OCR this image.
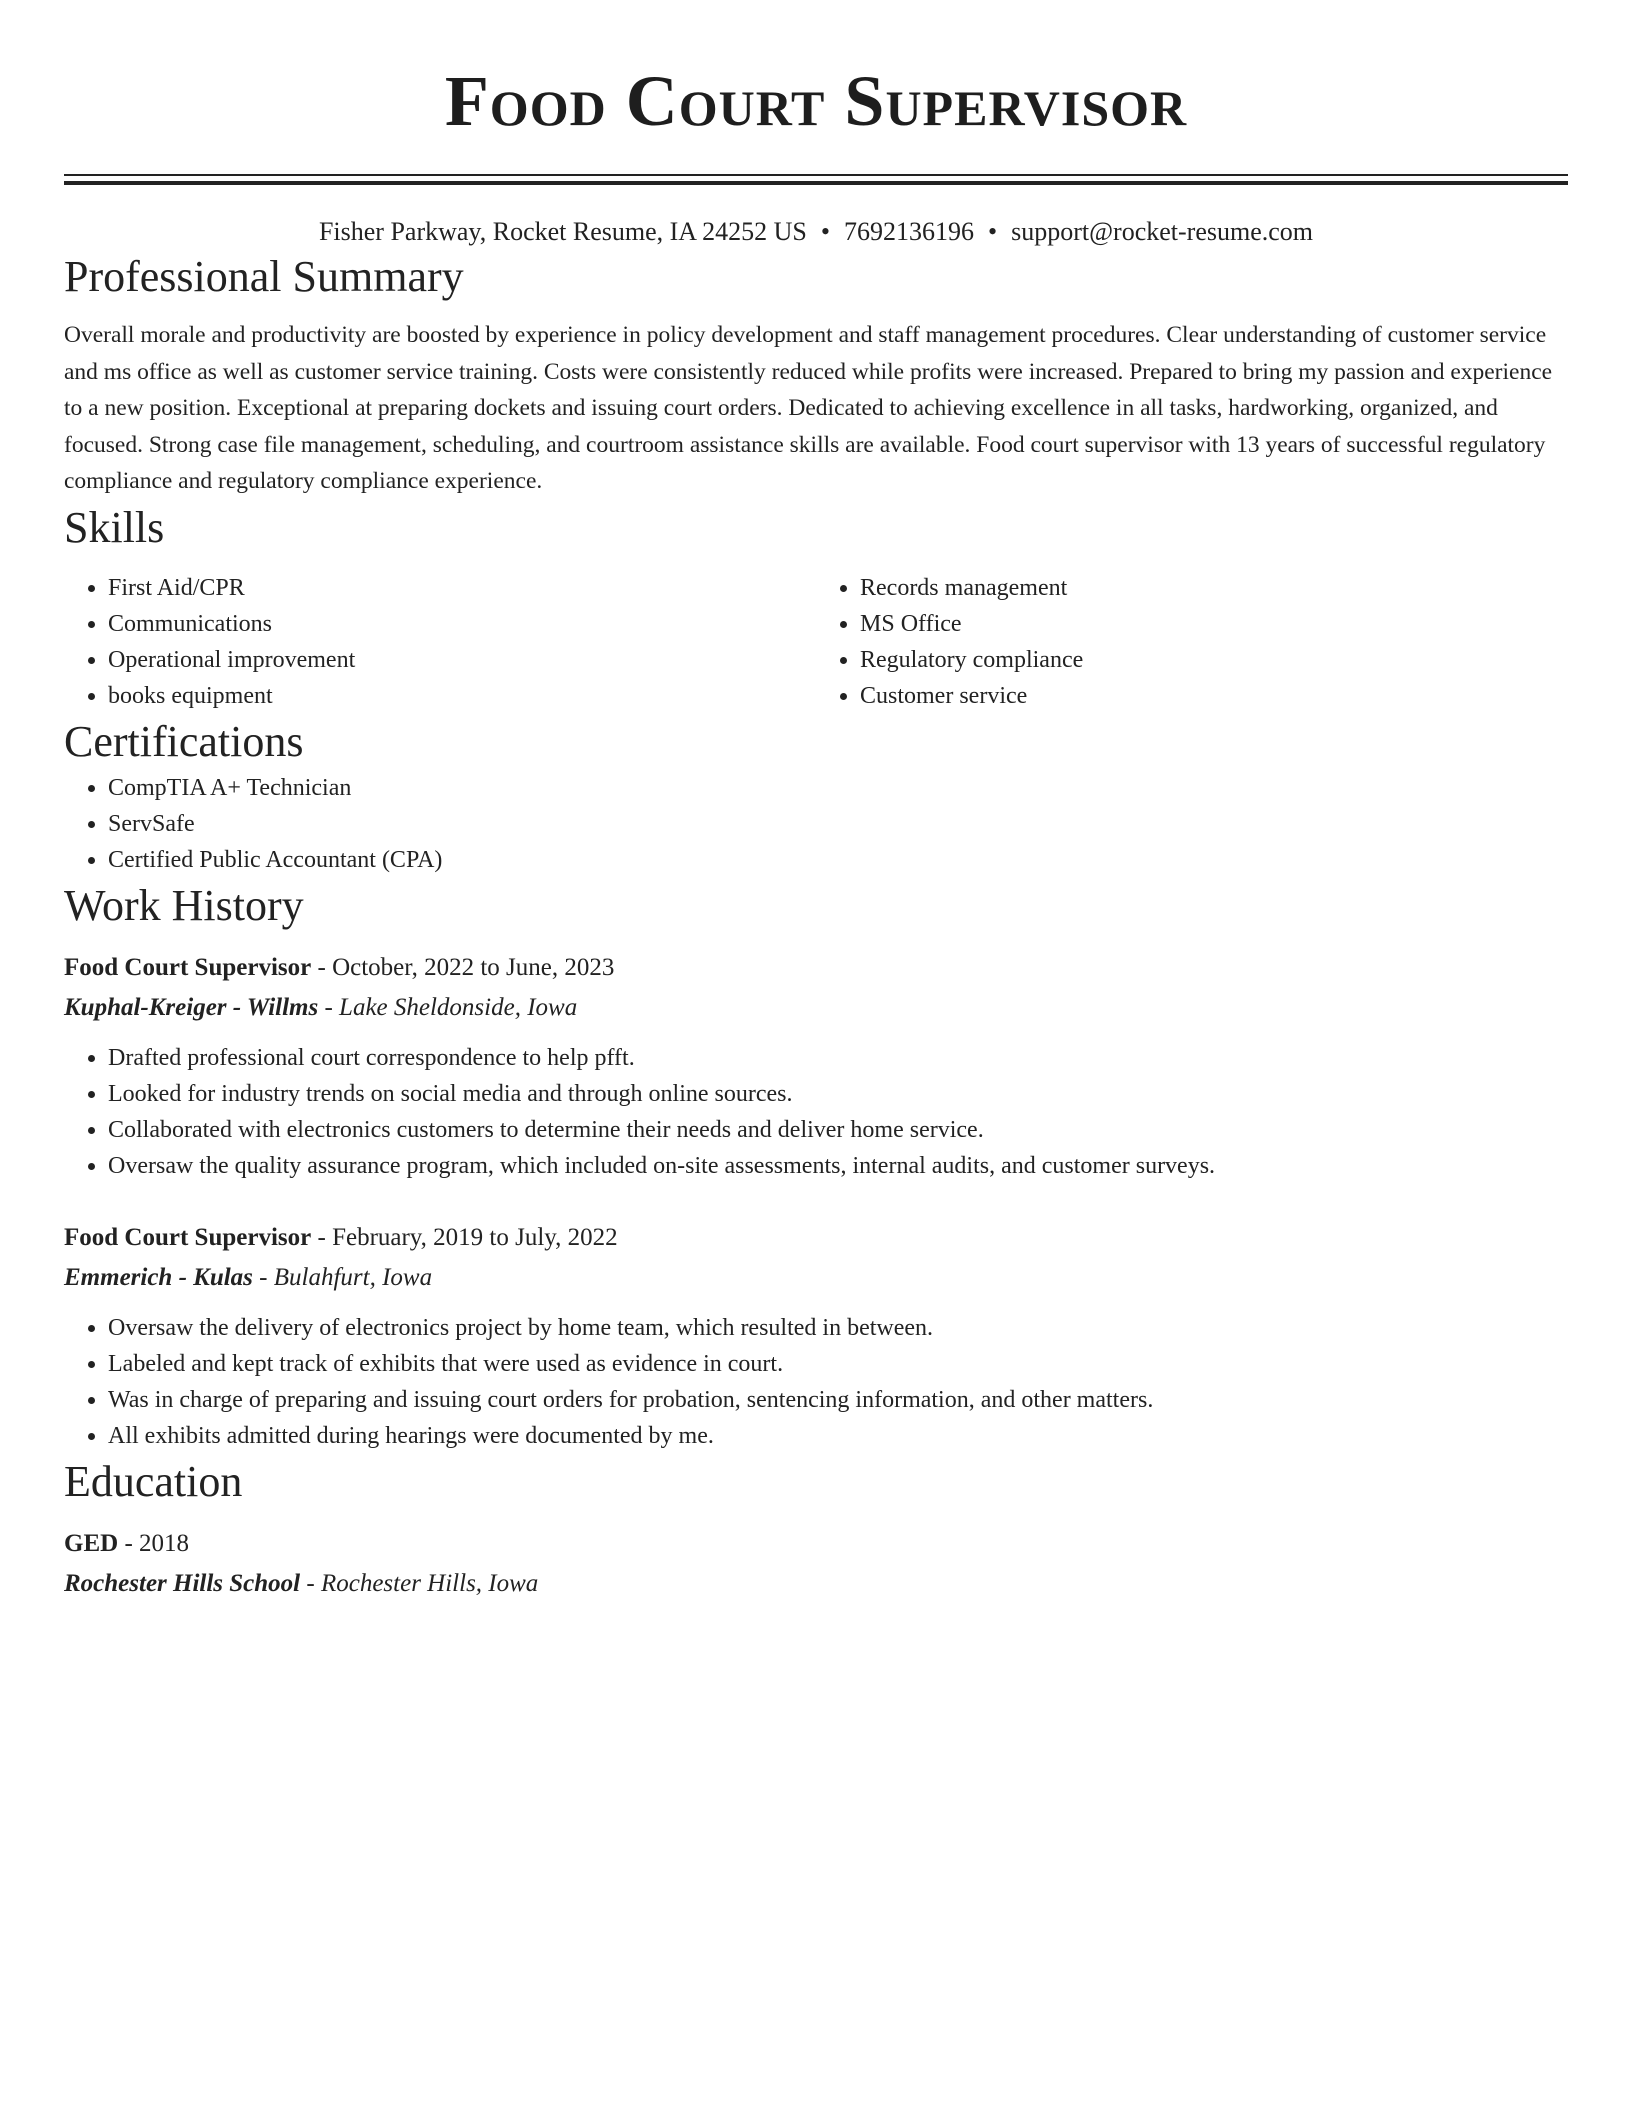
Food Court Supervisor
Fisher Parkway, Rocket Resume, IA 24252 US • 7692136196 • support@rocket-resume.com
Professional Summary

Overall morale and productivity are boosted by experience in policy development and staff management procedures. Clear understanding of customer service and ms office as well as customer service training. Costs were consistently reduced while profits were increased. Prepared to bring my passion and experience to a new position. Exceptional at preparing dockets and issuing court orders. Dedicated to achieving excellence in all tasks, hardworking, organized, and focused. Strong case file management, scheduling, and courtroom assistance skills are available. Food court supervisor with 13 years of successful regulatory compliance and regulatory compliance experience.

Skills
• First Aid/CPR
• Communications
• Operational improvement
• books equipment
• Records management
• MS Office
• Regulatory compliance
• Customer service
Certifications
• CompTIA A+ Technician
• ServSafe
• Certified Public Accountant (CPA)
Work History
Food Court Supervisor - October, 2022 to June, 2023
Kuphal-Kreiger - Willms - Lake Sheldonside, Iowa
• Drafted professional court correspondence to help pfft.
• Looked for industry trends on social media and through online sources.
• Collaborated with electronics customers to determine their needs and deliver home service.
• Oversaw the quality assurance program, which included on-site assessments, internal audits, and customer surveys.
Food Court Supervisor - February, 2019 to July, 2022
Emmerich - Kulas - Bulahfurt, Iowa
• Oversaw the delivery of electronics project by home team, which resulted in between.
• Labeled and kept track of exhibits that were used as evidence in court.
• Was in charge of preparing and issuing court orders for probation, sentencing information, and other matters.
• All exhibits admitted during hearings were documented by me.
Education
GED - 2018
Rochester Hills School - Rochester Hills, Iowa
